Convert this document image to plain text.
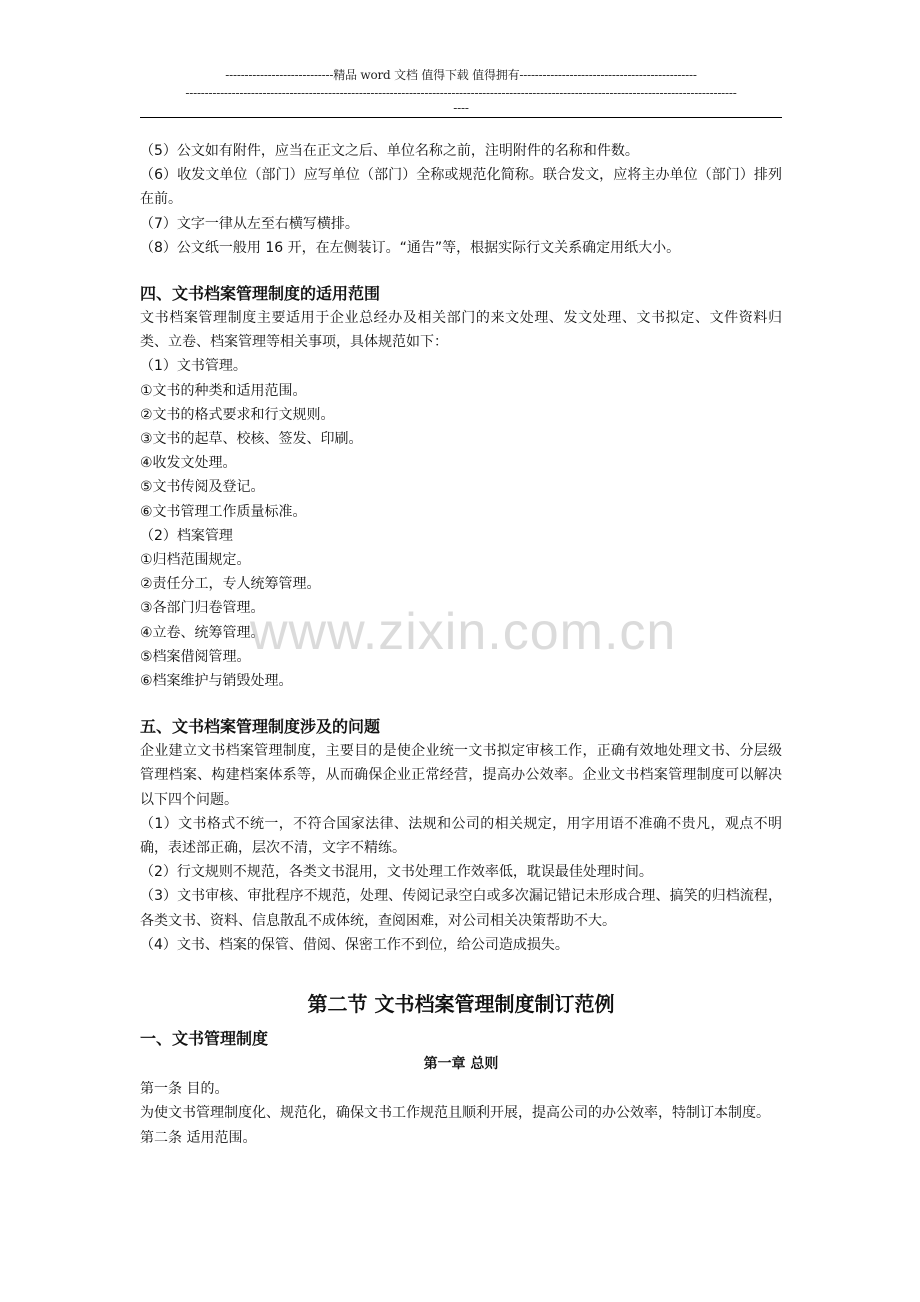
----------------------------精品 word 文档 值得下载 值得拥有----------------------------------------------
-----------------------------------------------------------------------------------------------------------------------------------------------
----

（5）公文如有附件，应当在正文之后、单位名称之前，注明附件的名称和件数。

（6）收发文单位（部门）应写单位（部门）全称或规范化简称。联合发文，应将主办单位（部门）排列在前。

（7）文字一律从左至右横写横排。

（8）公文纸一般用 16 开，在左侧装订。“通告”等，根据实际行文关系确定用纸大小。

四、文书档案管理制度的适用范围

文书档案管理制度主要适用于企业总经办及相关部门的来文处理、发文处理、文书拟定、文件资料归类、立卷、档案管理等相关事项，具体规范如下：

（1）文书管理。

①文书的种类和适用范围。

②文书的格式要求和行文规则。

③文书的起草、校核、签发、印刷。

④收发文处理。

⑤文书传阅及登记。

⑥文书管理工作质量标准。

（2）档案管理

①归档范围规定。

②责任分工，专人统筹管理。

③各部门归卷管理。

④立卷、统筹管理。

⑤档案借阅管理。

⑥档案维护与销毁处理。

五、文书档案管理制度涉及的问题

企业建立文书档案管理制度，主要目的是使企业统一文书拟定审核工作，正确有效地处理文书、分层级管理档案、构建档案体系等，从而确保企业正常经营，提高办公效率。企业文书档案管理制度可以解决以下四个问题。

（1）文书格式不统一，不符合国家法律、法规和公司的相关规定，用字用语不准确不贵凡，观点不明确，表述部正确，层次不清，文字不精练。

（2）行文规则不规范，各类文书混用，文书处理工作效率低，耽误最佳处理时间。

（3）文书审核、审批程序不规范，处理、传阅记录空白或多次漏记错记未形成合理、搞笑的归档流程，各类文书、资料、信息散乱不成体统，查阅困难，对公司相关决策帮助不大。

（4）文书、档案的保管、借阅、保密工作不到位，给公司造成损失。

第二节 文书档案管理制度制订范例

一、文书管理制度

第一章 总则

第一条 目的。

为使文书管理制度化、规范化，确保文书工作规范且顺利开展，提高公司的办公效率，特制订本制度。

第二条 适用范围。

www.zixin.com.cn
